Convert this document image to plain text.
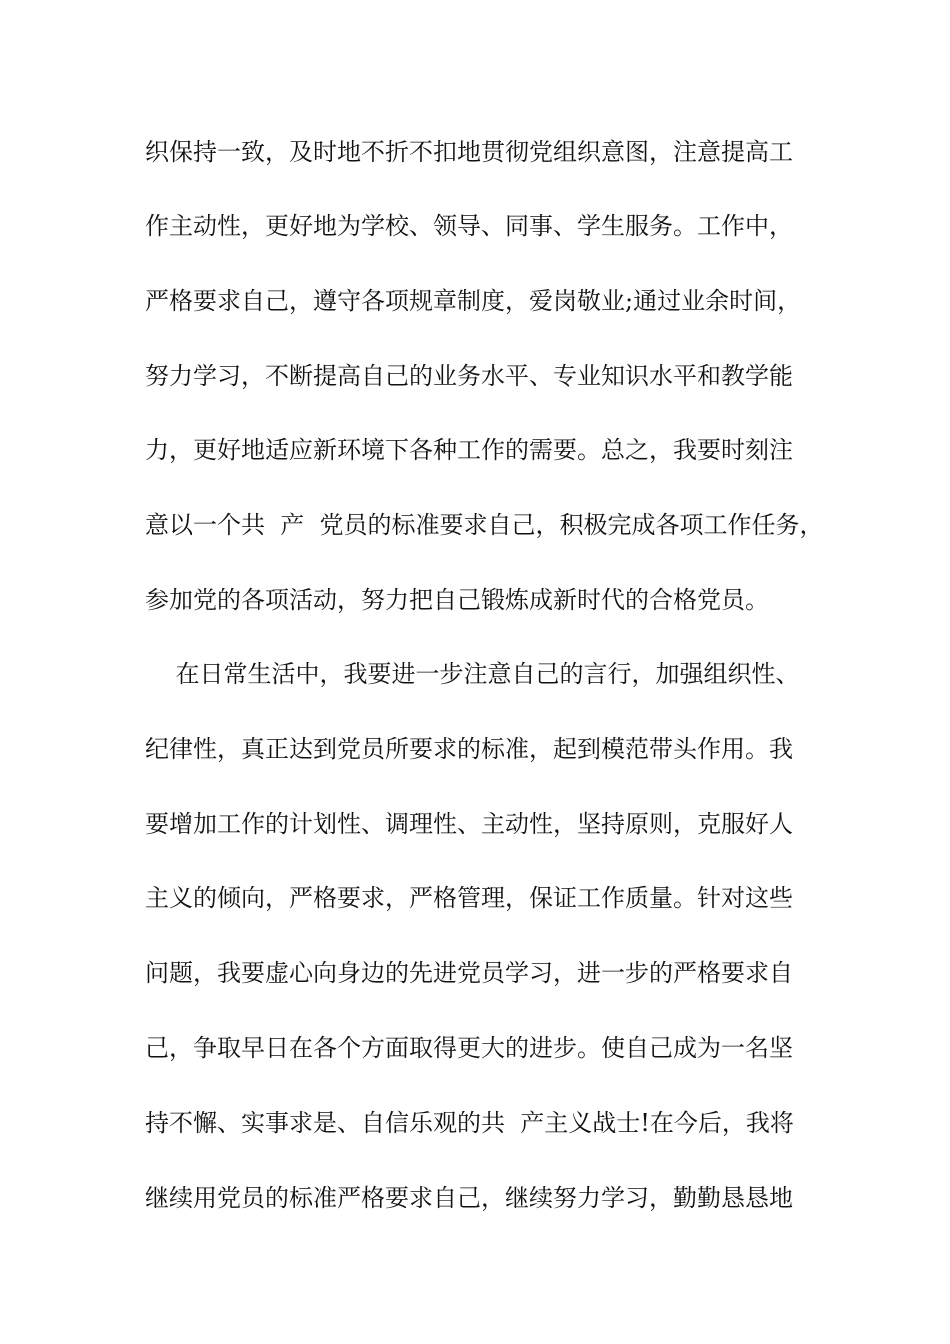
织保持一致，及时地不折不扣地贯彻党组织意图，注意提高工
作主动性，更好地为学校、领导、同事、学生服务。工作中，
严格要求自己，遵守各项规章制度，爱岗敬业;通过业余时间，
努力学习，不断提高自己的业务水平、专业知识水平和教学能
力，更好地适应新环境下各种工作的需要。总之，我要时刻注
意以一个共  产  党员的标准要求自己，积极完成各项工作任务，
参加党的各项活动，努力把自己锻炼成新时代的合格党员。
在日常生活中，我要进一步注意自己的言行，加强组织性、
纪律性，真正达到党员所要求的标准，起到模范带头作用。我
要增加工作的计划性、调理性、主动性，坚持原则，克服好人
主义的倾向，严格要求，严格管理，保证工作质量。针对这些
问题，我要虚心向身边的先进党员学习，进一步的严格要求自
己，争取早日在各个方面取得更大的进步。使自己成为一名坚
持不懈、实事求是、自信乐观的共  产主义战士!在今后，我将
继续用党员的标准严格要求自己，继续努力学习，勤勤恳恳地
